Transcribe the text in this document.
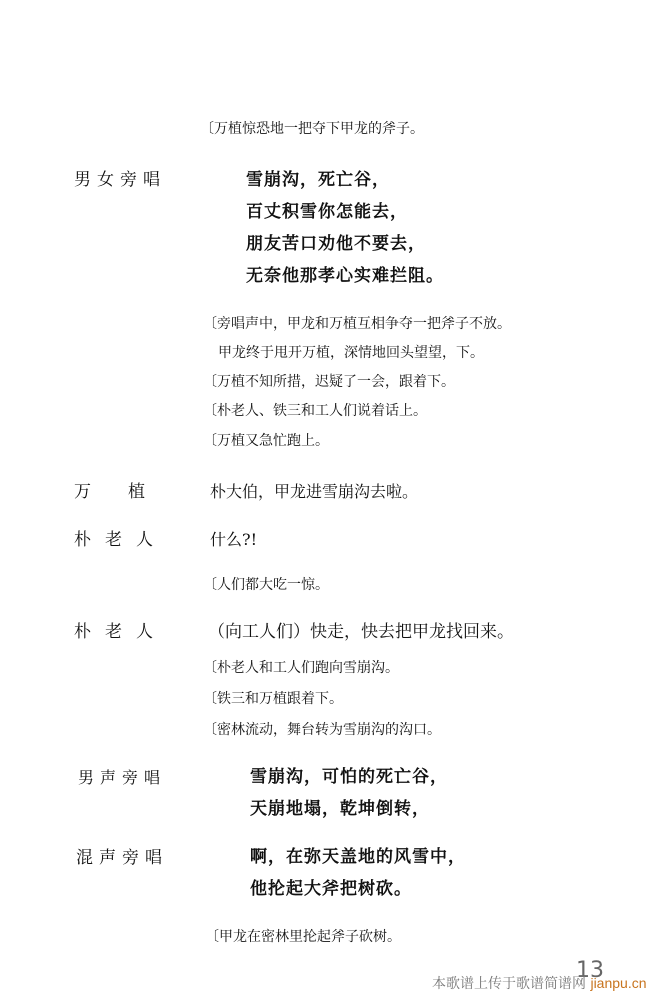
〔万植惊恐地一把夺下甲龙的斧子。
男女旁唱	雪崩沟，死亡谷，
百丈积雪你怎能去，
朋友苦口劝他不要去，
无奈他那孝心实难拦阻。
〔旁唱声中，甲龙和万植互相争夺一把斧子不放。
甲龙终于甩开万植，深情地回头望望，下。
〔万植不知所措，迟疑了一会，跟着下。
〔朴老人、铁三和工人们说着话上。
〔万植又急忙跑上。
万　植	朴大伯，甲龙进雪崩沟去啦。
朴老人	什么?!
〔人们都大吃一惊。
朴老人 （向工人们）快走，快去把甲龙找回来。
〔朴老人和工人们跑向雪崩沟。
〔铁三和万植跟着下。
〔密林流动，舞台转为雪崩沟的沟口。
男声旁唱	雪崩沟，可怕的死亡谷，
天崩地塌，乾坤倒转，
混声旁唱	啊，在弥天盖地的风雪中，
他抡起大斧把树砍。
〔甲龙在密林里抡起斧子砍树。
13
本歌谱上传于歌谱简谱网 jianpu.cn
